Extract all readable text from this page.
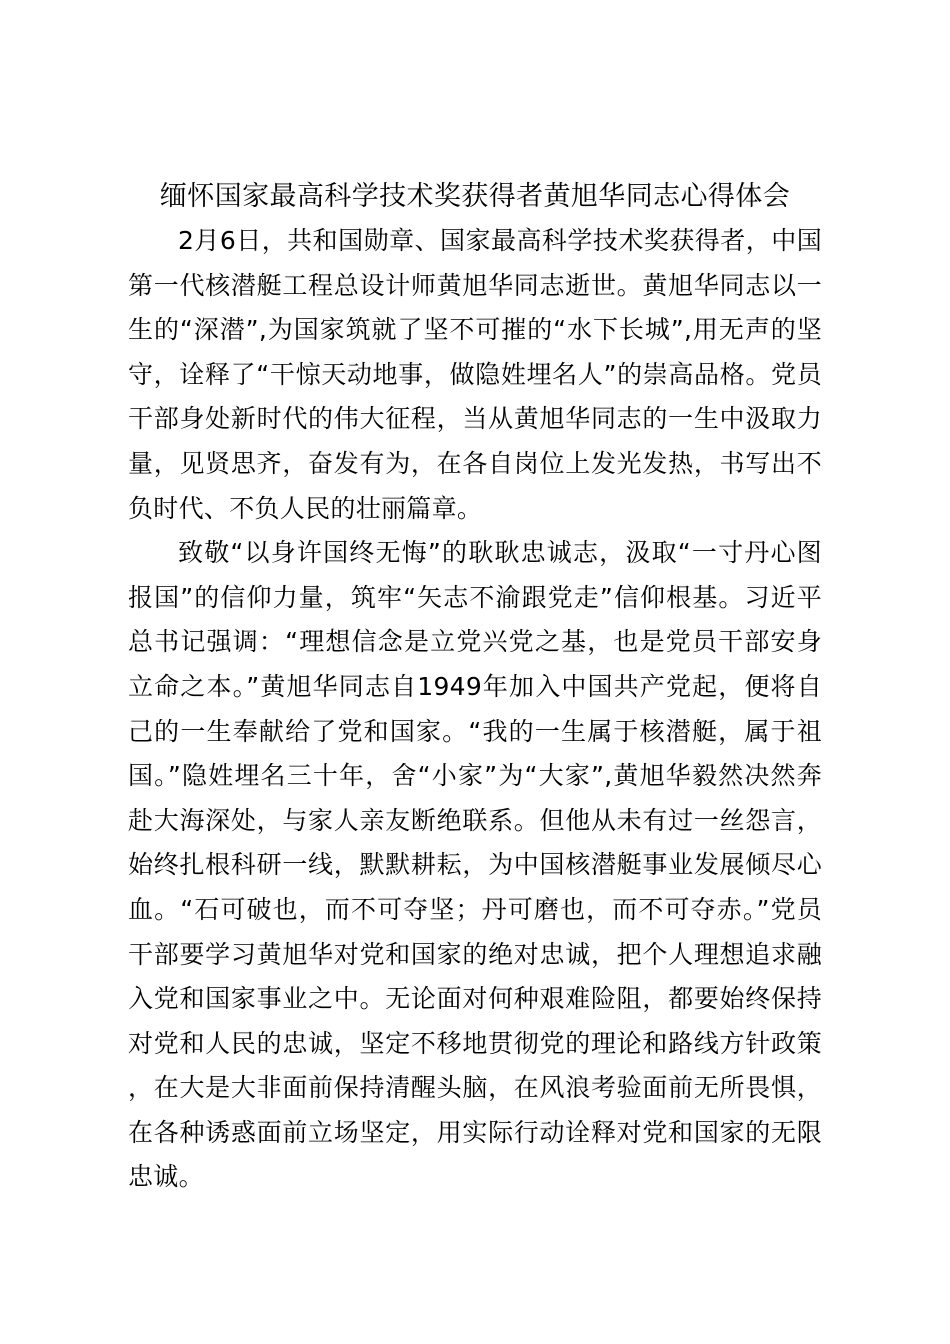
缅怀国家最高科学技术奖获得者黄旭华同志心得体会

2月6日，共和国勋章、国家最高科学技术奖获得者，中国第一代核潜艇工程总设计师黄旭华同志逝世。黄旭华同志以一生的“深潜”,为国家筑就了坚不可摧的“水下长城”,用无声的坚守，诠释了“干惊天动地事，做隐姓埋名人”的崇高品格。党员干部身处新时代的伟大征程，当从黄旭华同志的一生中汲取力量，见贤思齐，奋发有为，在各自岗位上发光发热，书写出不负时代、不负人民的壮丽篇章。

致敬“以身许国终无悔”的耿耿忠诚志，汲取“一寸丹心图报国”的信仰力量，筑牢“矢志不渝跟党走”信仰根基。习近平总书记强调：“理想信念是立党兴党之基，也是党员干部安身立命之本。”黄旭华同志自1949年加入中国共产党起，便将自己的一生奉献给了党和国家。“我的一生属于核潜艇，属于祖国。”隐姓埋名三十年，舍“小家”为“大家”,黄旭华毅然决然奔赴大海深处，与家人亲友断绝联系。但他从未有过一丝怨言，始终扎根科研一线，默默耕耘，为中国核潜艇事业发展倾尽心血。“石可破也，而不可夺坚；丹可磨也，而不可夺赤。”党员干部要学习黄旭华对党和国家的绝对忠诚，把个人理想追求融入党和国家事业之中。无论面对何种艰难险阻，都要始终保持对党和人民的忠诚，坚定不移地贯彻党的理论和路线方针政策，在大是大非面前保持清醒头脑，在风浪考验面前无所畏惧，在各种诱惑面前立场坚定，用实际行动诠释对党和国家的无限忠诚。
